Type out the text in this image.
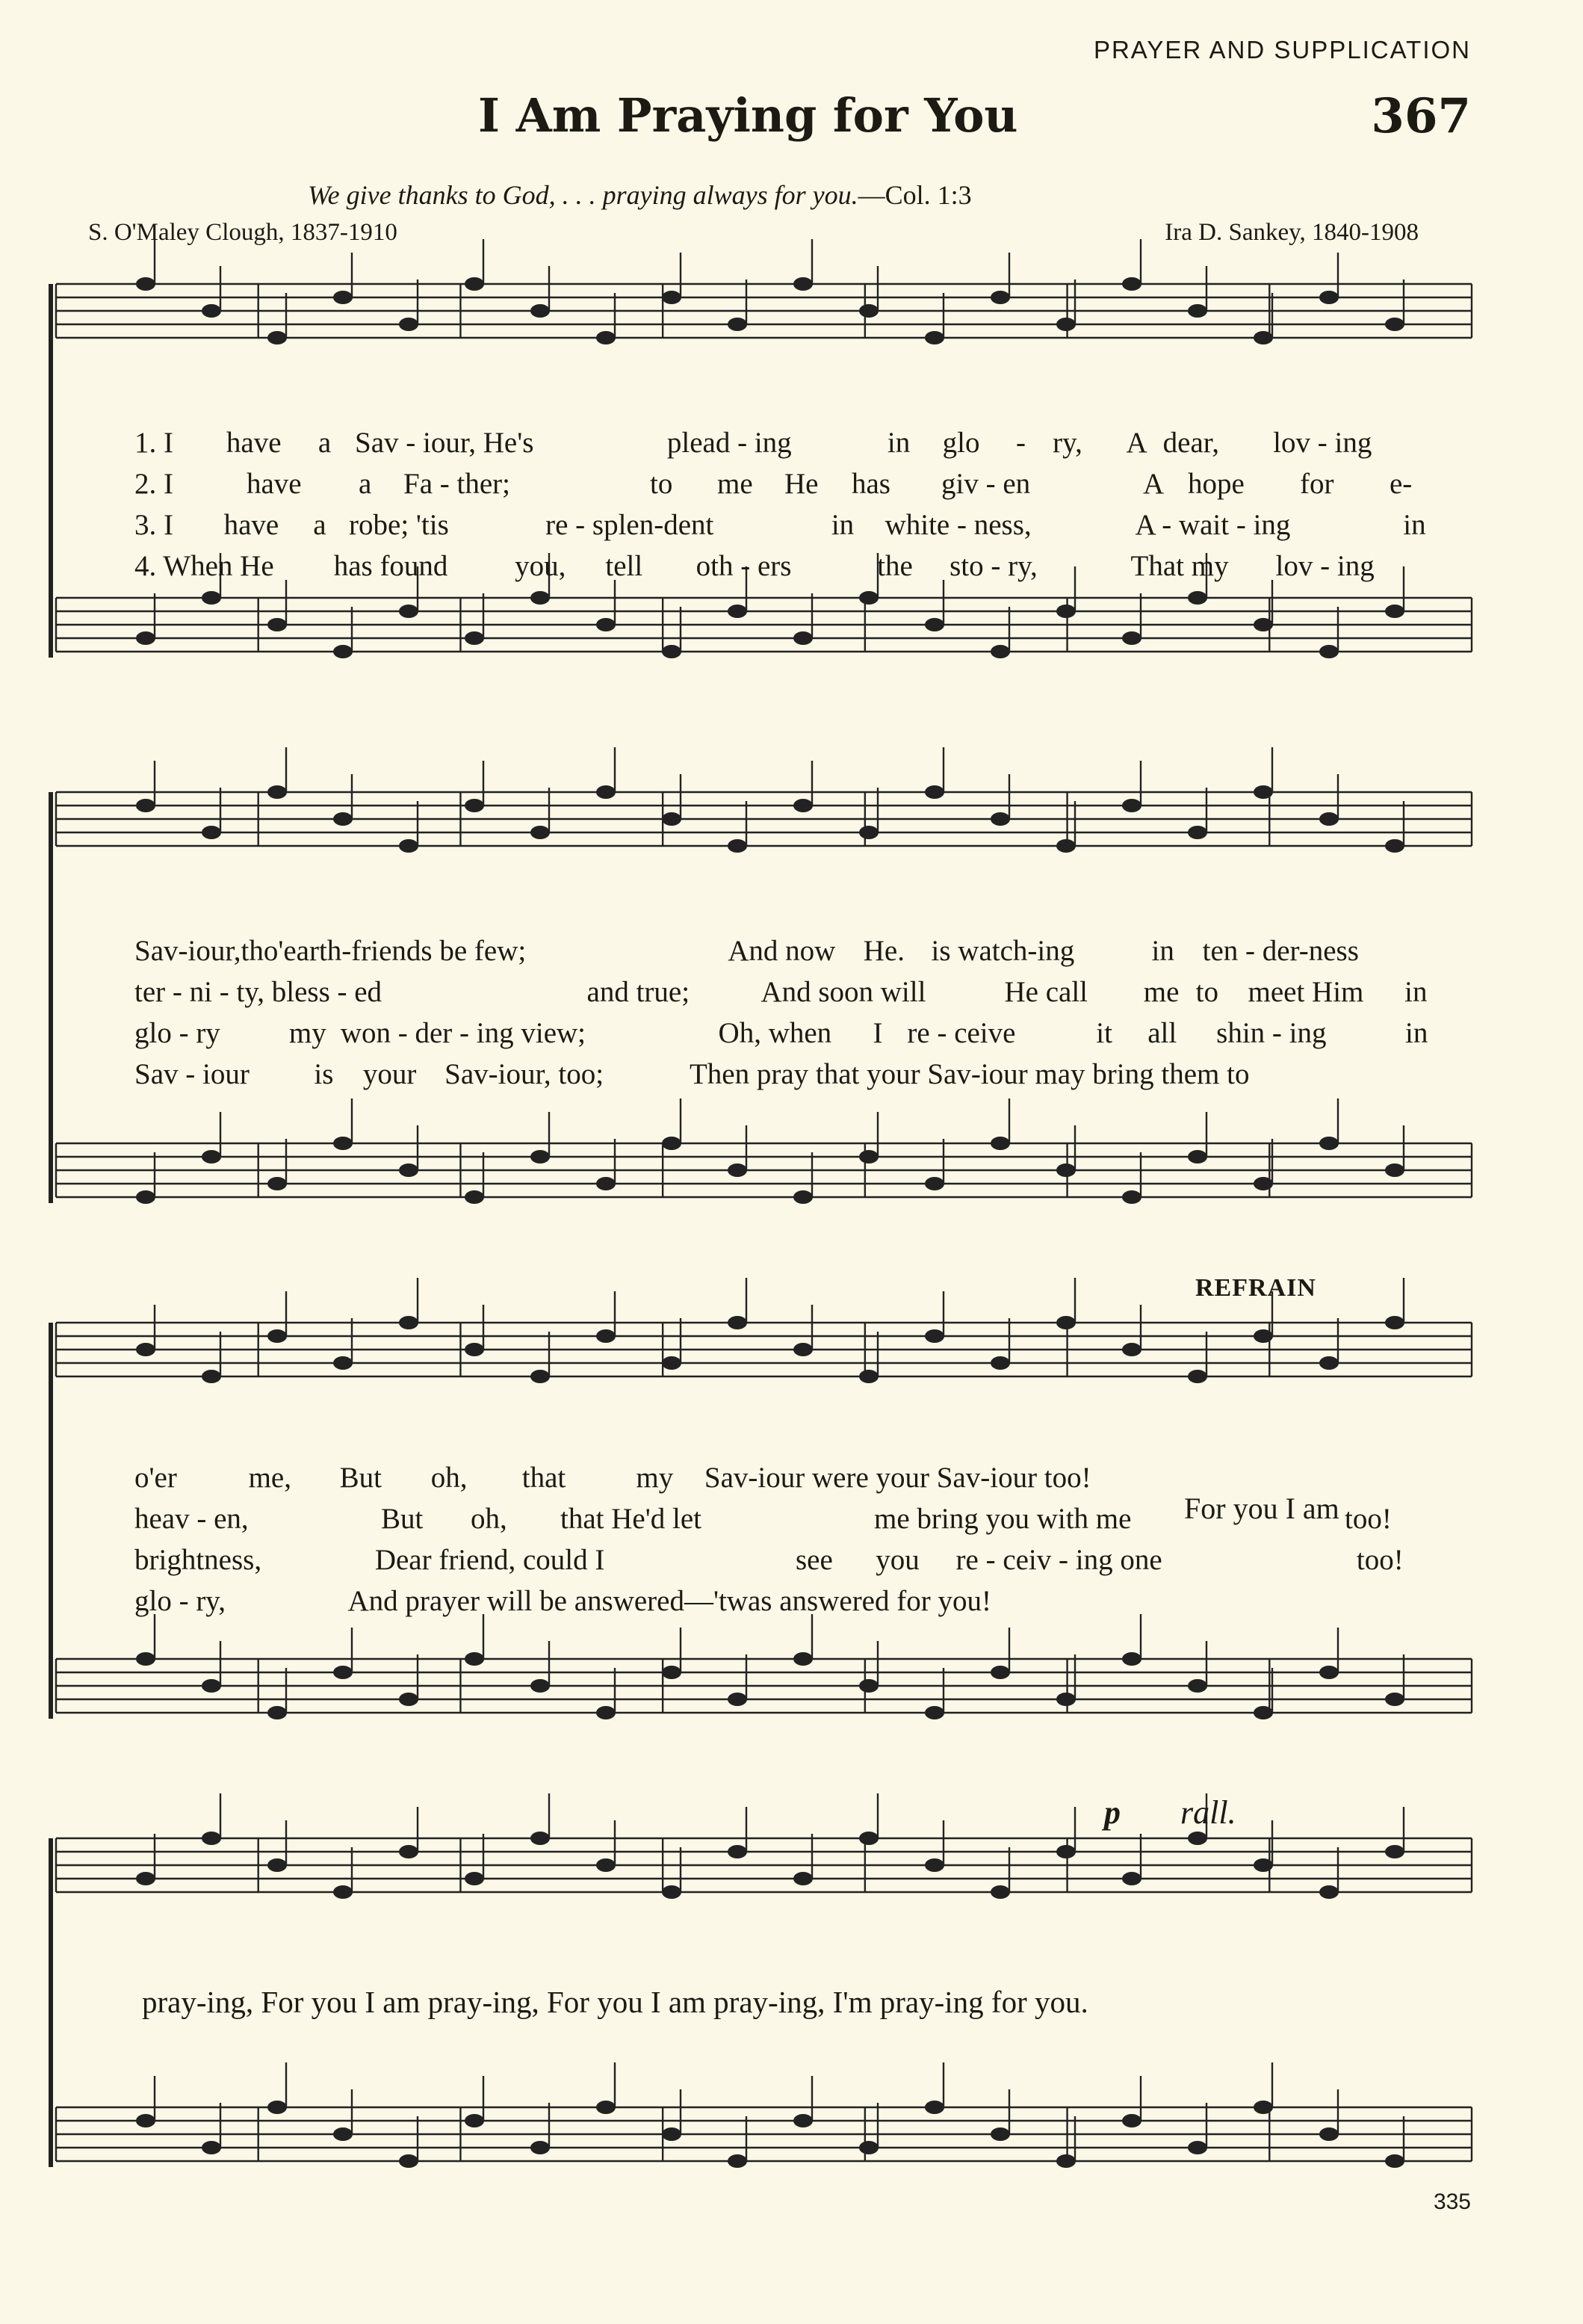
PRAYER AND SUPPLICATION
I Am Praying for You	367
We give thanks to God, . . . praying always for you.—Col. 1:3
S. O'Maley Clough, 1837-1910	Ira D. Sankey, 1840-1908
1. I have a Sav - iour, He's	plead - ing	in glo - ry, A dear, lov - ing
2. I	have a Fa - ther;	to me He has giv - en	A hope for e-
3. I have a robe; 'tis	re - splen-dent	in white - ness,	A - wait - ing	in
4. When He has found you, tell oth - ers	the sto - ry,	That my lov - ing
Sav-iour,tho'earth-friends be few;	And now He. is watch-ing	in ten - der-ness
ter - ni - ty, bless - ed	and true; And soon will	He call me to meet Him in
glo - ry my won - der - ing view;	Oh, when I re - ceive	it all shin - ing	in
Sav - iour is your Sav-iour, too;	Then pray that your Sav-iour may bring them to
o'er me, But oh, that my Sav-iour were your Sav-iour too!
heav - en,	But oh, that He'd let	me bring you with me	too!
brightness,	Dear friend, could I	see you re - ceiv - ing one	too!
glo - ry,	And prayer will be answered—'twas answered for you!
REFRAIN
For you I am
p rall.
pray-ing, For you I am pray-ing, For you I am pray-ing, I'm pray-ing for you.
335
